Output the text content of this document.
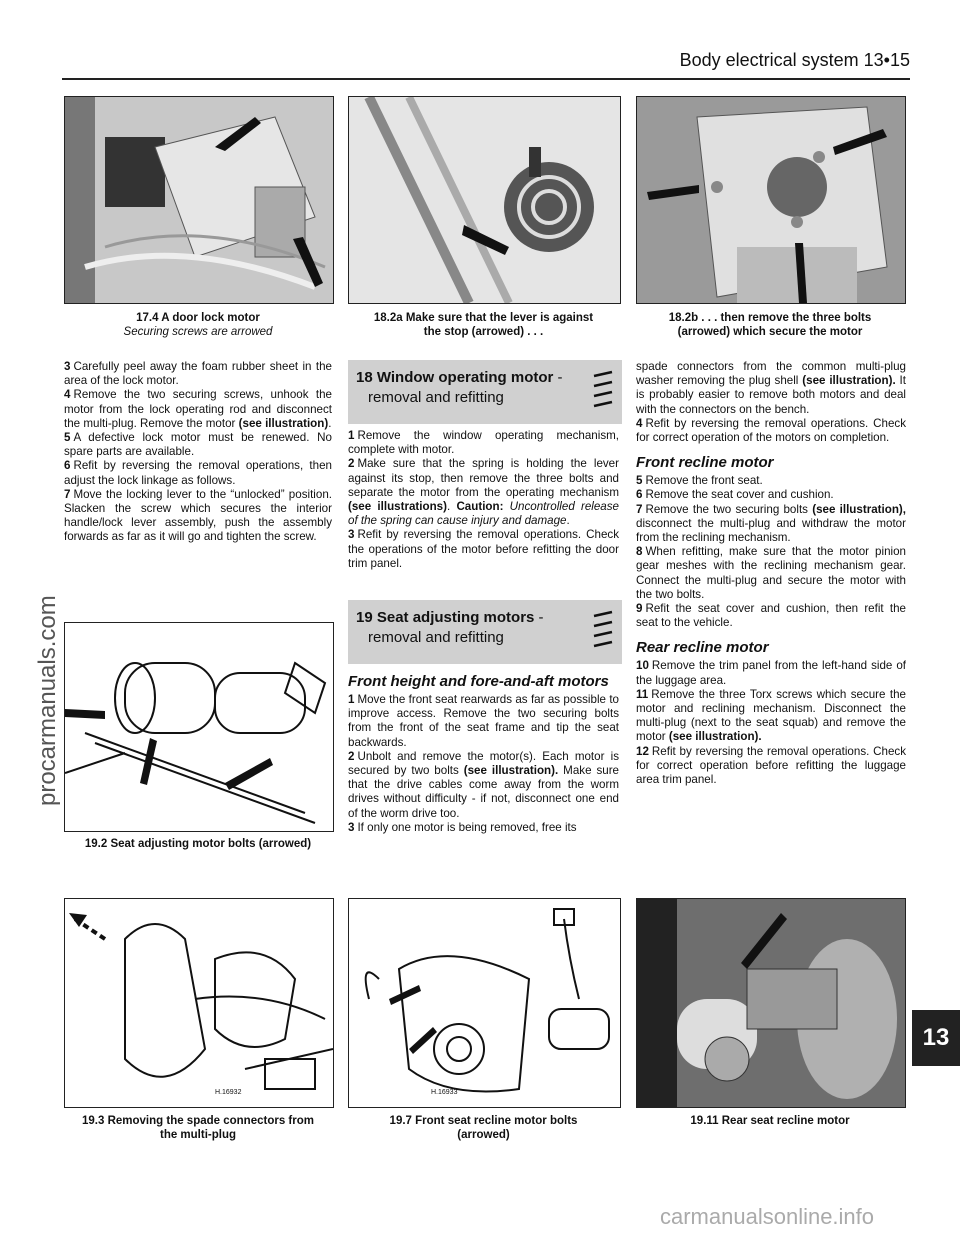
Body electrical system 13•15
17.4 A door lock motor
Securing screws are arrowed
18.2a Make sure that the lever is against
the stop (arrowed) . . .
18.2b . . . then remove the three bolts
(arrowed) which secure the motor

3 Carefully peel away the foam rubber sheet in the area of the lock motor.

4 Remove the two securing screws, unhook the motor from the lock operating rod and disconnect the multi-plug. Remove the motor (see illustration).

5 A defective lock motor must be renewed. No spare parts are available.

6 Refit by reversing the removal operations, then adjust the lock linkage as follows.

7 Move the locking lever to the “unlocked” position. Slacken the screw which secures the interior handle/lock lever assembly, push the assembly forwards as far as it will go and tighten the screw.

19.2 Seat adjusting motor bolts (arrowed)
18 Window operating motor -
removal and refitting

1 Remove the window operating mechanism, complete with motor.

2 Make sure that the spring is holding the lever against its stop, then remove the three bolts and separate the motor from the operating mechanism (see illustrations). Caution: Uncontrolled release of the spring can cause injury and damage.

3 Refit by reversing the removal operations. Check the operations of the motor before refitting the door trim panel.

19 Seat adjusting motors -
removal and refitting
Front height and fore-and-aft motors

1 Move the front seat rearwards as far as possible to improve access. Remove the two securing bolts from the front of the seat frame and tip the seat backwards.

2 Unbolt and remove the motor(s). Each motor is secured by two bolts (see illustration). Make sure that the drive cables come away from the worm drives without difficulty - if not, disconnect one end of the worm drive too.

3 If only one motor is being removed, free its

spade connectors from the common multi-plug washer removing the plug shell (see illustration). It is probably easier to remove both motors and deal with the connectors on the bench.

4 Refit by reversing the removal operations. Check for correct operation of the motors on completion.

Front recline motor

5 Remove the front seat.

6 Remove the seat cover and cushion.

7 Remove the two securing bolts (see illustration), disconnect the multi-plug and withdraw the motor from the reclining mechanism.

8 When refitting, make sure that the motor pinion gear meshes with the reclining mechanism gear. Connect the multi-plug and secure the motor with the two bolts.

9 Refit the seat cover and cushion, then refit the seat to the vehicle.

Rear recline motor

10 Remove the trim panel from the left-hand side of the luggage area.

11 Remove the three Torx screws which secure the motor and reclining mechanism. Disconnect the multi-plug (next to the seat squab) and remove the motor (see illustration).

12 Refit by reversing the removal operations. Check for correct operation before refitting the luggage area trim panel.

H.16932
19.3 Removing the spade connectors from
the multi-plug
H.16933
19.7 Front seat recline motor bolts
(arrowed)
19.11 Rear seat recline motor
13
procarmanuals.com
carmanualsonline.info
